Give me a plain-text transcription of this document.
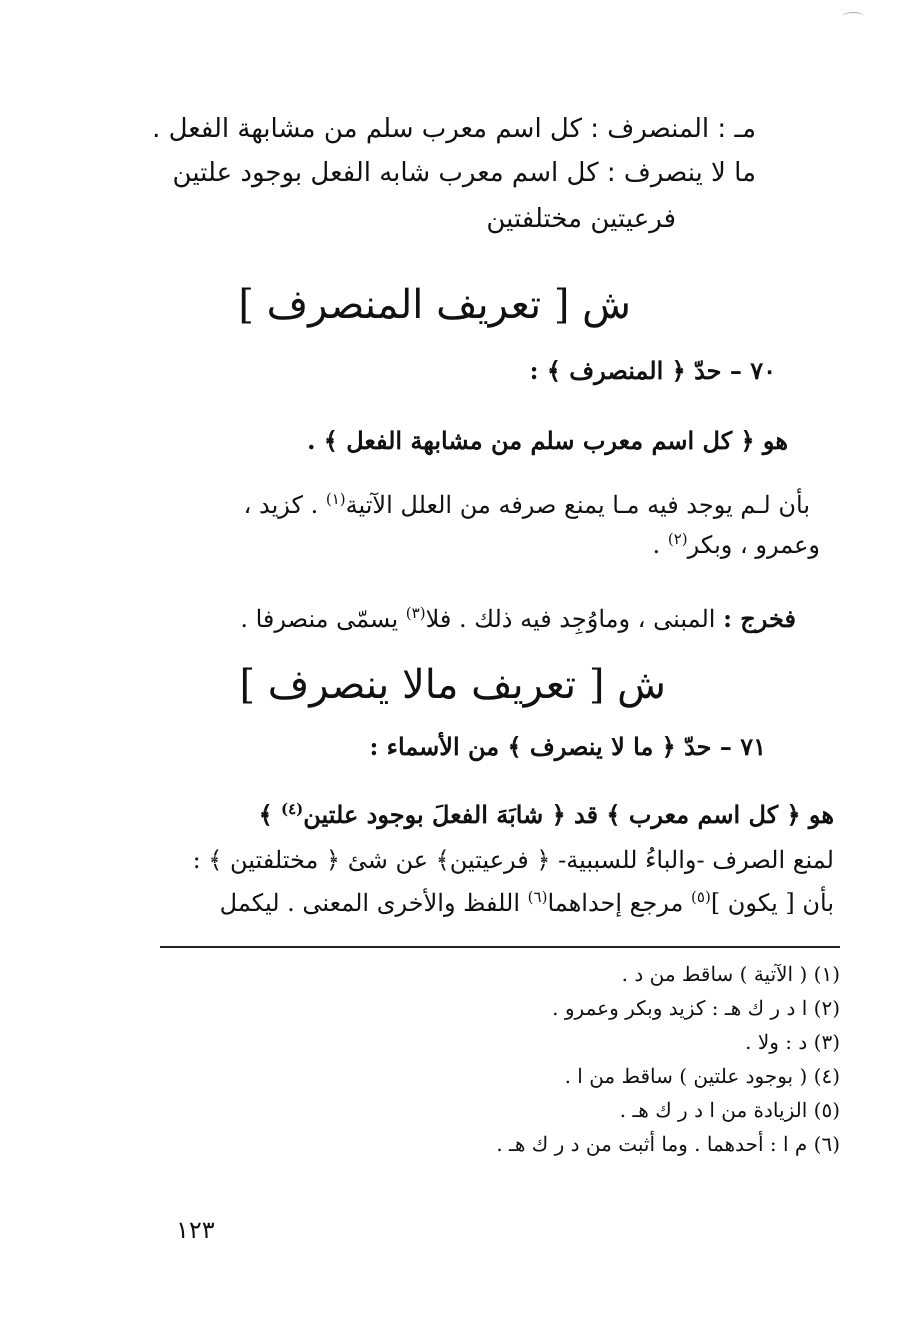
مـ : المنصرف : كل اسم معرب سلم من مشابهة الفعل .
ما لا ينصرف : كل اسم معرب شابه الفعل بوجود علتين
فرعيتين مختلفتين
ش [ تعريف المنصرف ]
٧٠ – حدّ ﴿ المنصرف ﴾ :
هو ﴿ كل اسم معرب سلم من مشابهة الفعل ﴾ .
بأن لـم يوجد فيه مـا يمنع صرفه من العلل الآتية$^{(١)}$ . كزيد ،
وعمرو ، وبكر$^{(٢)}$ .
فخرج : المبنى ، وماوُجِد فيه ذلك . فلا$^{(٣)}$ يسمّى منصرفا .
ش [ تعريف مالا ينصرف ]
٧١ – حدّ ﴿ ما لا ينصرف ﴾ من الأسماء :
هو ﴿ كل اسم معرب ﴾ قد ﴿ شابَهَ الفعلَ بوجود علتين$^{(٤)}$ ﴾
لمنع الصرف -والباءُ للسببية- ﴿ فرعيتين﴾ عن شئ ﴿ مختلفتين ﴾ :
بأن [ يكون ]$^{(٥)}$ مرجع إحداهما$^{(٦)}$ اللفظ والأخرى المعنى . ليكمل
(١) ( الآتية ) ساقط من د .
(٢) ا د ر ك هـ : كزيد وبكر وعمرو .
(٣) د : ولا .
(٤) ( بوجود علتين ) ساقط من ا .
(٥) الزيادة من ا د ر ك هـ .
(٦) م ا : أحدهما . وما أثبت من د ر ك هـ .
١٢٣
